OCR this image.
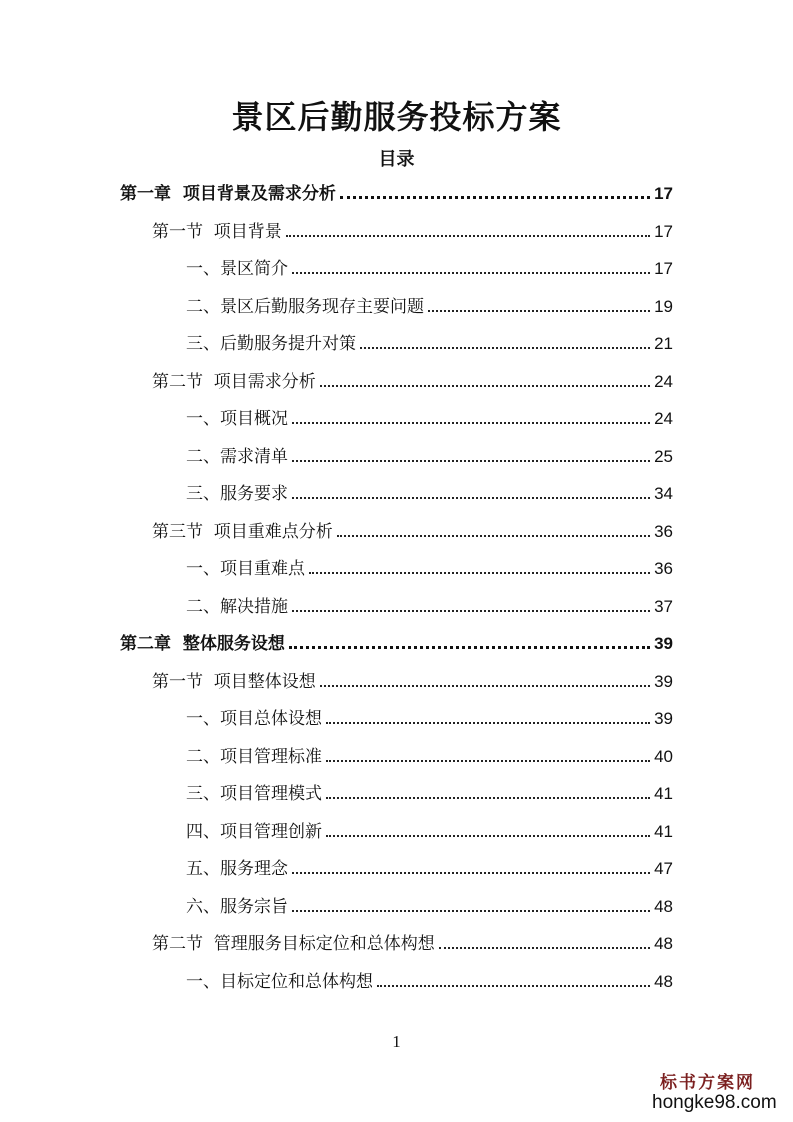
景区后勤服务投标方案
目录
第一章  项目背景及需求分析	17
第一节  项目背景	17
一、景区简介	17
二、景区后勤服务现存主要问题	19
三、后勤服务提升对策	21
第二节  项目需求分析	24
一、项目概况	24
二、需求清单	25
三、服务要求	34
第三节  项目重难点分析	36
一、项目重难点	36
二、解决措施	37
第二章  整体服务设想	39
第一节  项目整体设想	39
一、项目总体设想	39
二、项目管理标准	40
三、项目管理模式	41
四、项目管理创新	41
五、服务理念	47
六、服务宗旨	48
第二节  管理服务目标定位和总体构想	48
一、目标定位和总体构想	48
1
标书方案网
hongke98.com
